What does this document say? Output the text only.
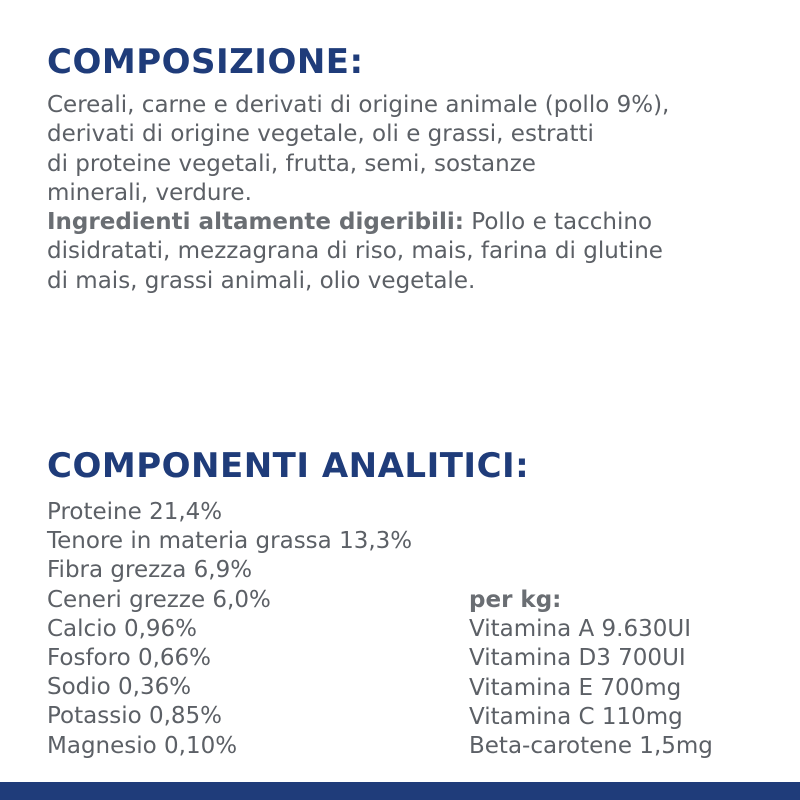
COMPOSIZIONE:
Cereali, carne e derivati di origine animale (pollo 9%),
derivati di origine vegetale, oli e grassi, estratti
di proteine vegetali, frutta, semi, sostanze
minerali, verdure.
Ingredienti altamente digeribili: Pollo e tacchino
disidratati, mezzagrana di riso, mais, farina di glutine
di mais, grassi animali, olio vegetale.
COMPONENTI ANALITICI:
Proteine 21,4%
Tenore in materia grassa 13,3%
Fibra grezza 6,9%
Ceneri grezze 6,0%
Calcio 0,96%
Fosforo 0,66%
Sodio 0,36%
Potassio 0,85%
Magnesio 0,10%
per kg:
Vitamina A 9.630UI
Vitamina D3 700UI
Vitamina E 700mg
Vitamina C 110mg
Beta-carotene 1,5mg
